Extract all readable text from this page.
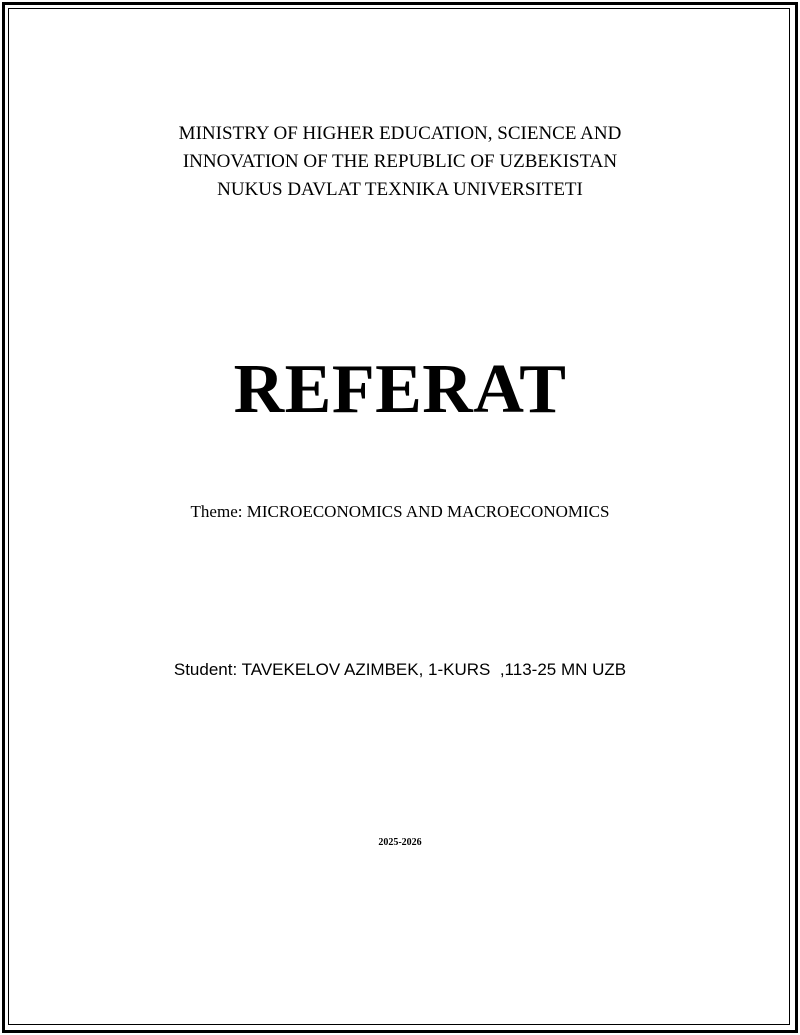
MINISTRY OF HIGHER EDUCATION, SCIENCE AND
INNOVATION OF THE REPUBLIC OF UZBEKISTAN
NUKUS DAVLAT TEXNIKA UNIVERSITETI
REFERAT
Theme: MICROECONOMICS AND MACROECONOMICS
Student: TAVEKELOV AZIMBEK, 1-KURS  ,113-25 MN UZB
2025-2026
